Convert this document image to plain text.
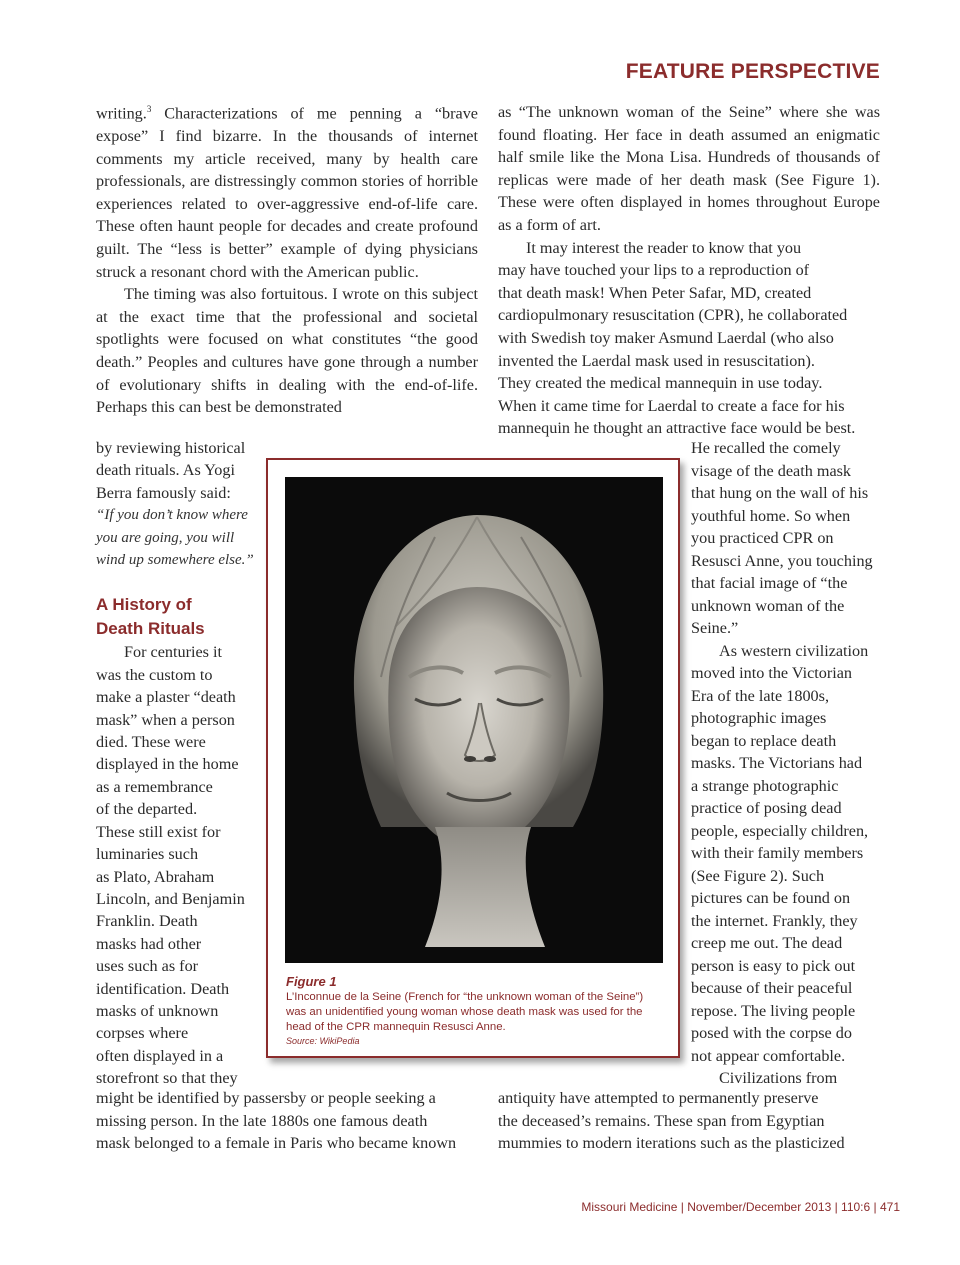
FEATURE PERSPECTIVE

writing.$^3$ Characterizations of me penning a “brave expose” I find bizarre. In the thousands of internet comments my article received, many by health care professionals, are distressingly common stories of horrible experiences related to over-aggressive end-of-life care. These often haunt people for decades and create profound guilt. The “less is better” example of dying physicians struck a resonant chord with the American public.

The timing was also fortuitous. I wrote on this subject at the exact time that the professional and societal spotlights were focused on what constitutes “the good death.” Peoples and cultures have gone through a number of evolutionary shifts in dealing with the end-of-life. Perhaps this can best be demonstrated

by reviewing historical
death rituals. As Yogi
Berra famously said:
“If you don’t know where
you are going, you will
wind up somewhere else.”
A History of
Death Rituals
For centuries it
was the custom to
make a plaster “death
mask” when a person
died. These were
displayed in the home
as a remembrance
of the departed.
These still exist for
luminaries such
as Plato, Abraham
Lincoln, and Benjamin
Franklin. Death
masks had other
uses such as for
identification. Death
masks of unknown
corpses where
often displayed in a
storefront so that they

as “The unknown woman of the Seine” where she was found floating. Her face in death assumed an enigmatic half smile like the Mona Lisa. Hundreds of thousands of replicas were made of her death mask (See Figure 1). These were often displayed in homes throughout Europe as a form of art.

It may interest the reader to know that you
may have touched your lips to a reproduction of
that death mask! When Peter Safar, MD, created
cardiopulmonary resuscitation (CPR), he collaborated
with Swedish toy maker Asmund Laerdal (who also
invented the Laerdal mask used in resuscitation).
They created the medical mannequin in use today.
When it came time for Laerdal to create a face for his
mannequin he thought an attractive face would be best.
He recalled the comely
visage of the death mask
that hung on the wall of his
youthful home. So when
you practiced CPR on
Resusci Anne, you touching
that facial image of “the
unknown woman of the
Seine.”
As western civilization
moved into the Victorian
Era of the late 1800s,
photographic images
began to replace death
masks. The Victorians had
a strange photographic
practice of posing dead
people, especially children,
with their family members
(See Figure 2). Such
pictures can be found on
the internet. Frankly, they
creep me out. The dead
person is easy to pick out
because of their peaceful
repose. The living people
posed with the corpse do
not appear comfortable.
Civilizations from
might be identified by passersby or people seeking a
missing person. In the late 1880s one famous death
mask belonged to a female in Paris who became known
antiquity have attempted to permanently preserve
the deceased’s remains. These span from Egyptian
mummies to modern iterations such as the plasticized
Figure 1
L’Inconnue de la Seine (French for “the unknown woman of the Seine”)
was an unidentified young woman whose death mask was used for the
head of the CPR mannequin Resusci Anne.
Source: WikiPedia
Missouri Medicine | November/December 2013 | 110:6 | 471
